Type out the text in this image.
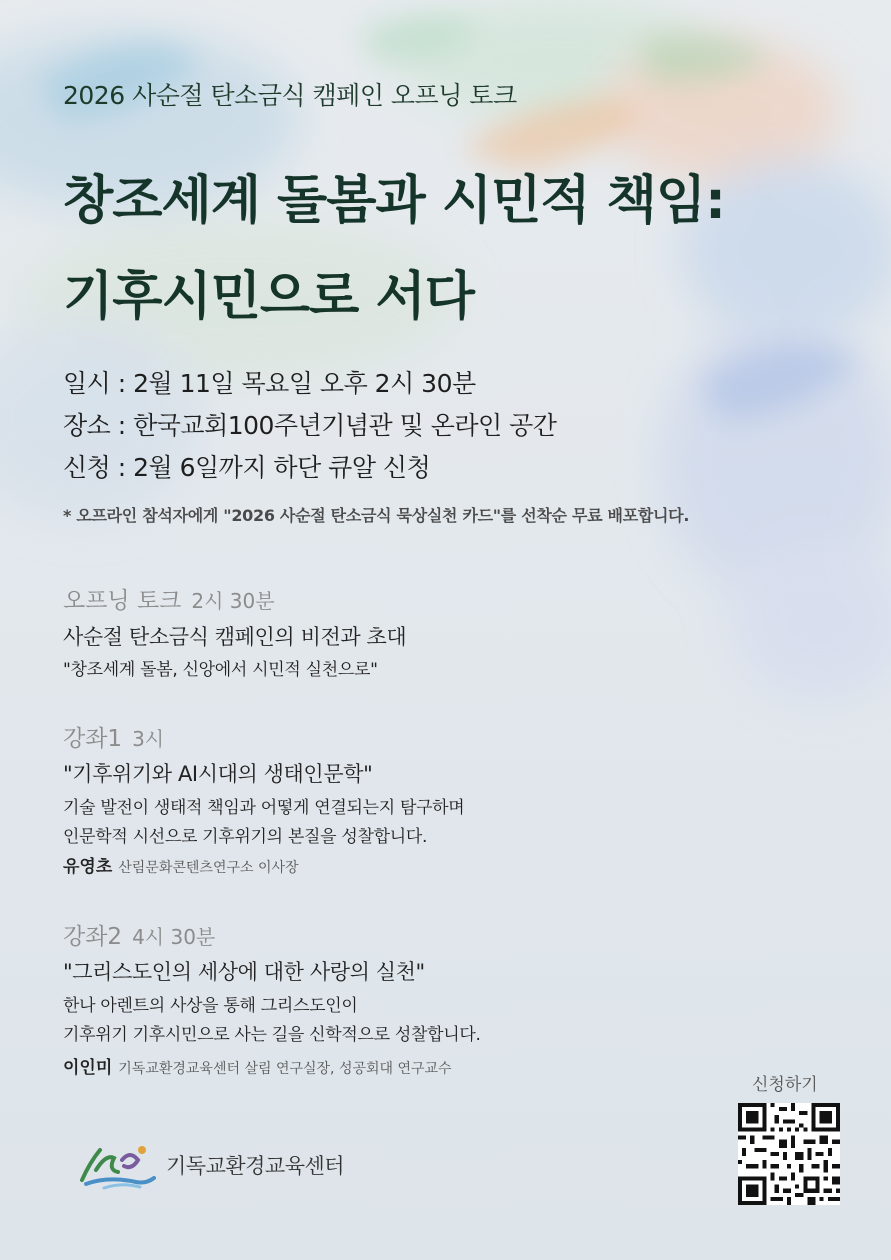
2026 사순절 탄소금식 캠페인 오프닝 토크
창조세계 돌봄과 시민적 책임:
기후시민으로 서다
일시 : 2월 11일 목요일 오후 2시 30분
장소 : 한국교회100주년기념관 및 온라인 공간
신청 : 2월 6일까지 하단 큐알 신청
* 오프라인 참석자에게 "2026 사순절 탄소금식 묵상실천 카드"를 선착순 무료 배포합니다.
오프닝 토크 2시 30분
사순절 탄소금식 캠페인의 비전과 초대
"창조세계 돌봄, 신앙에서 시민적 실천으로"
강좌1 3시
"기후위기와 AI시대의 생태인문학"
기술 발전이 생태적 책임과 어떻게 연결되는지 탐구하며
인문학적 시선으로 기후위기의 본질을 성찰합니다.
유영초 산림문화콘텐츠연구소 이사장
강좌2 4시 30분
"그리스도인의 세상에 대한 사랑의 실천"
한나 아렌트의 사상을 통해 그리스도인이
기후위기 기후시민으로 사는 길을 신학적으로 성찰합니다.
이인미 기독교환경교육센터 살림 연구실장, 성공회대 연구교수
기독교환경교육센터
신청하기
